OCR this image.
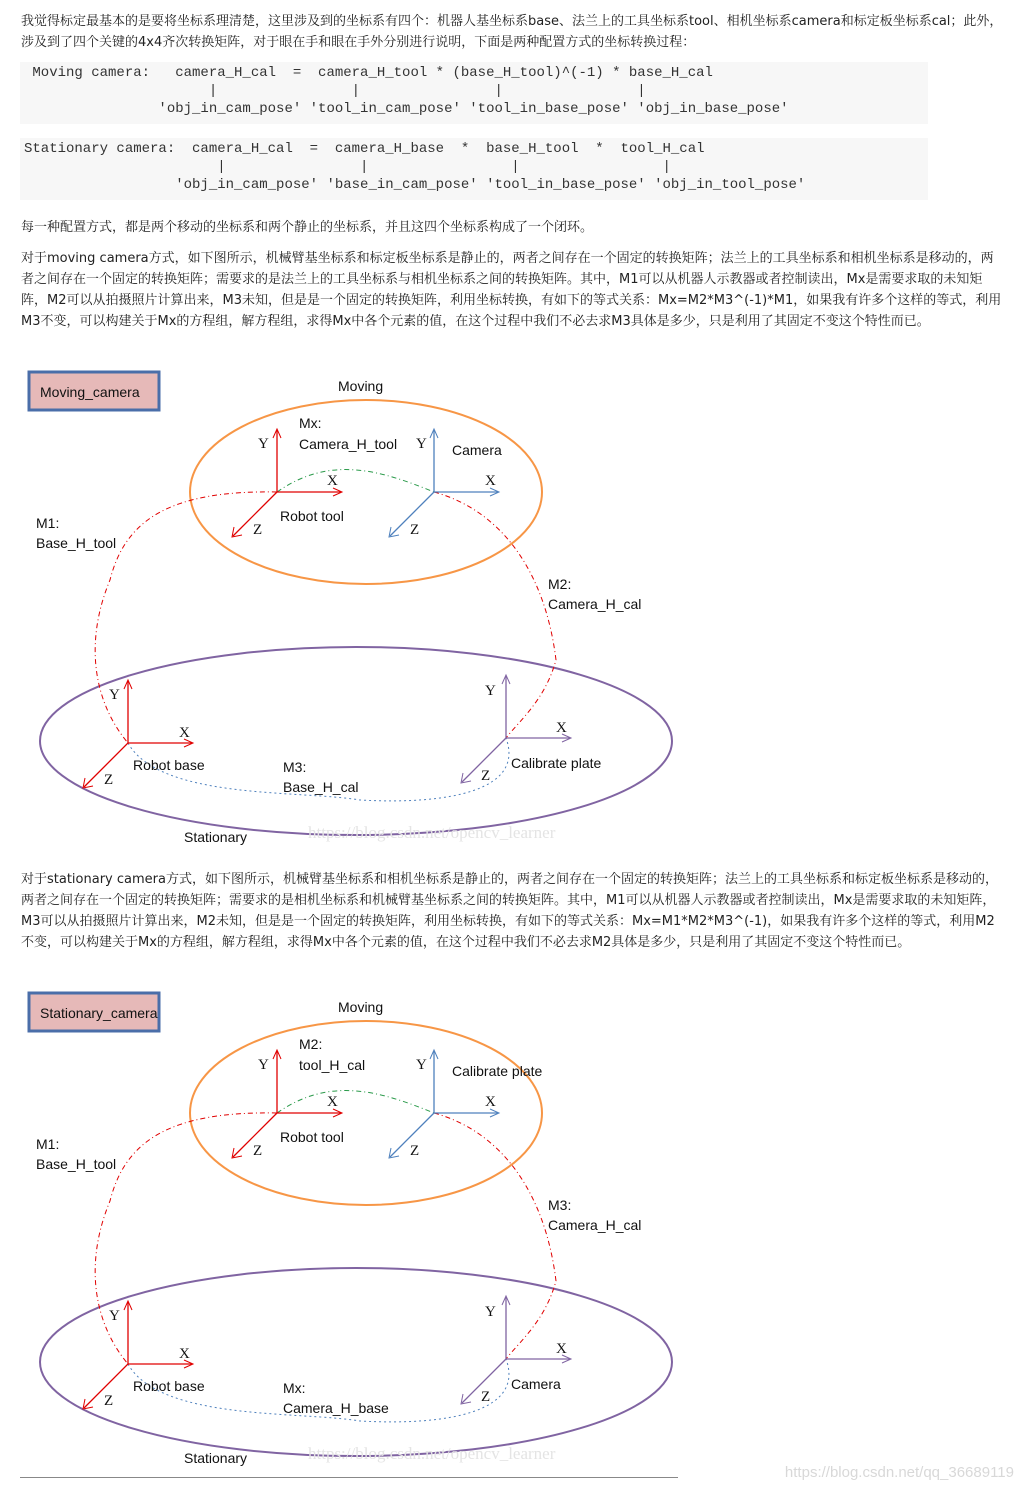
我觉得标定最基本的是要将坐标系理清楚，这里涉及到的坐标系有四个：机器人基坐标系base、法兰上的工具坐标系tool、相机坐标系camera和标定板坐标系cal；此外，涉及到了四个关键的4x4齐次转换矩阵，对于眼在手和眼在手外分别进行说明，下面是两种配置方式的坐标转换过程：

Moving camera:   camera_H_cal  =  camera_H_tool * (base_H_tool)^(-1) * base_H_cal
|                |                |                |
'obj_in_cam_pose' 'tool_in_cam_pose' 'tool_in_base_pose' 'obj_in_base_pose'
Stationary camera:  camera_H_cal  =  camera_H_base  *  base_H_tool  *  tool_H_cal
|                |                 |                 |
'obj_in_cam_pose' 'base_in_cam_pose' 'tool_in_base_pose' 'obj_in_tool_pose'

每一种配置方式，都是两个移动的坐标系和两个静止的坐标系，并且这四个坐标系构成了一个闭环。

对于moving camera方式，如下图所示，机械臂基坐标系和标定板坐标系是静止的，两者之间存在一个固定的转换矩阵；法兰上的工具坐标系和相机坐标系是移动的，两者之间存在一个固定的转换矩阵；需要求的是法兰上的工具坐标系与相机坐标系之间的转换矩阵。其中，M1可以从机器人示教器或者控制读出，Mx是需要求取的未知矩阵，M2可以从拍摄照片计算出来，M3未知，但是是一个固定的转换矩阵，利用坐标转换，有如下的等式关系：Mx=M2*M3^(-1)*M1，如果我有许多个这样的等式，利用M3不变，可以构建关于Mx的方程组，解方程组，求得Mx中各个元素的值，在这个过程中我们不必去求M3具体是多少，只是利用了其固定不变这个特性而已。

Moving_camera	Moving
Stationary
Mx:
Camera_H_tool
M1:
Base_H_tool
M2:
Camera_H_cal
M3:
Base_H_cal
Robot tool
Camera
Robot base	Calibrate plate
Y
X
Z
Y
X
Z
Y
X
Z
Y
X
Z
https://blog.csdn.net/opencv_learner

对于stationary camera方式，如下图所示，机械臂基坐标系和相机坐标系是静止的，两者之间存在一个固定的转换矩阵；法兰上的工具坐标系和标定板坐标系是移动的，两者之间存在一个固定的转换矩阵；需要求的是相机坐标系和机械臂基坐标系之间的转换矩阵。其中，M1可以从机器人示教器或者控制读出，Mx是需要求取的未知矩阵，M3可以从拍摄照片计算出来，M2未知，但是是一个固定的转换矩阵，利用坐标转换，有如下的等式关系：Mx=M1*M2*M3^(-1)，如果我有许多个这样的等式，利用M2不变，可以构建关于Mx的方程组，解方程组，求得Mx中各个元素的值，在这个过程中我们不必去求M2具体是多少，只是利用了其固定不变这个特性而已。

Stationary_camera	Moving
Stationary
M2:
tool_H_cal
M1:
Base_H_tool
M3:
Camera_H_cal
Mx:
Camera_H_base
Robot tool
Calibrate plate
Robot base	Camera
Y
X
Z
Y
X
Z
Y
X
Z
Y
X
Z
https://blog.csdn.net/opencv_learner
https://blog.csdn.net/qq_36689119
